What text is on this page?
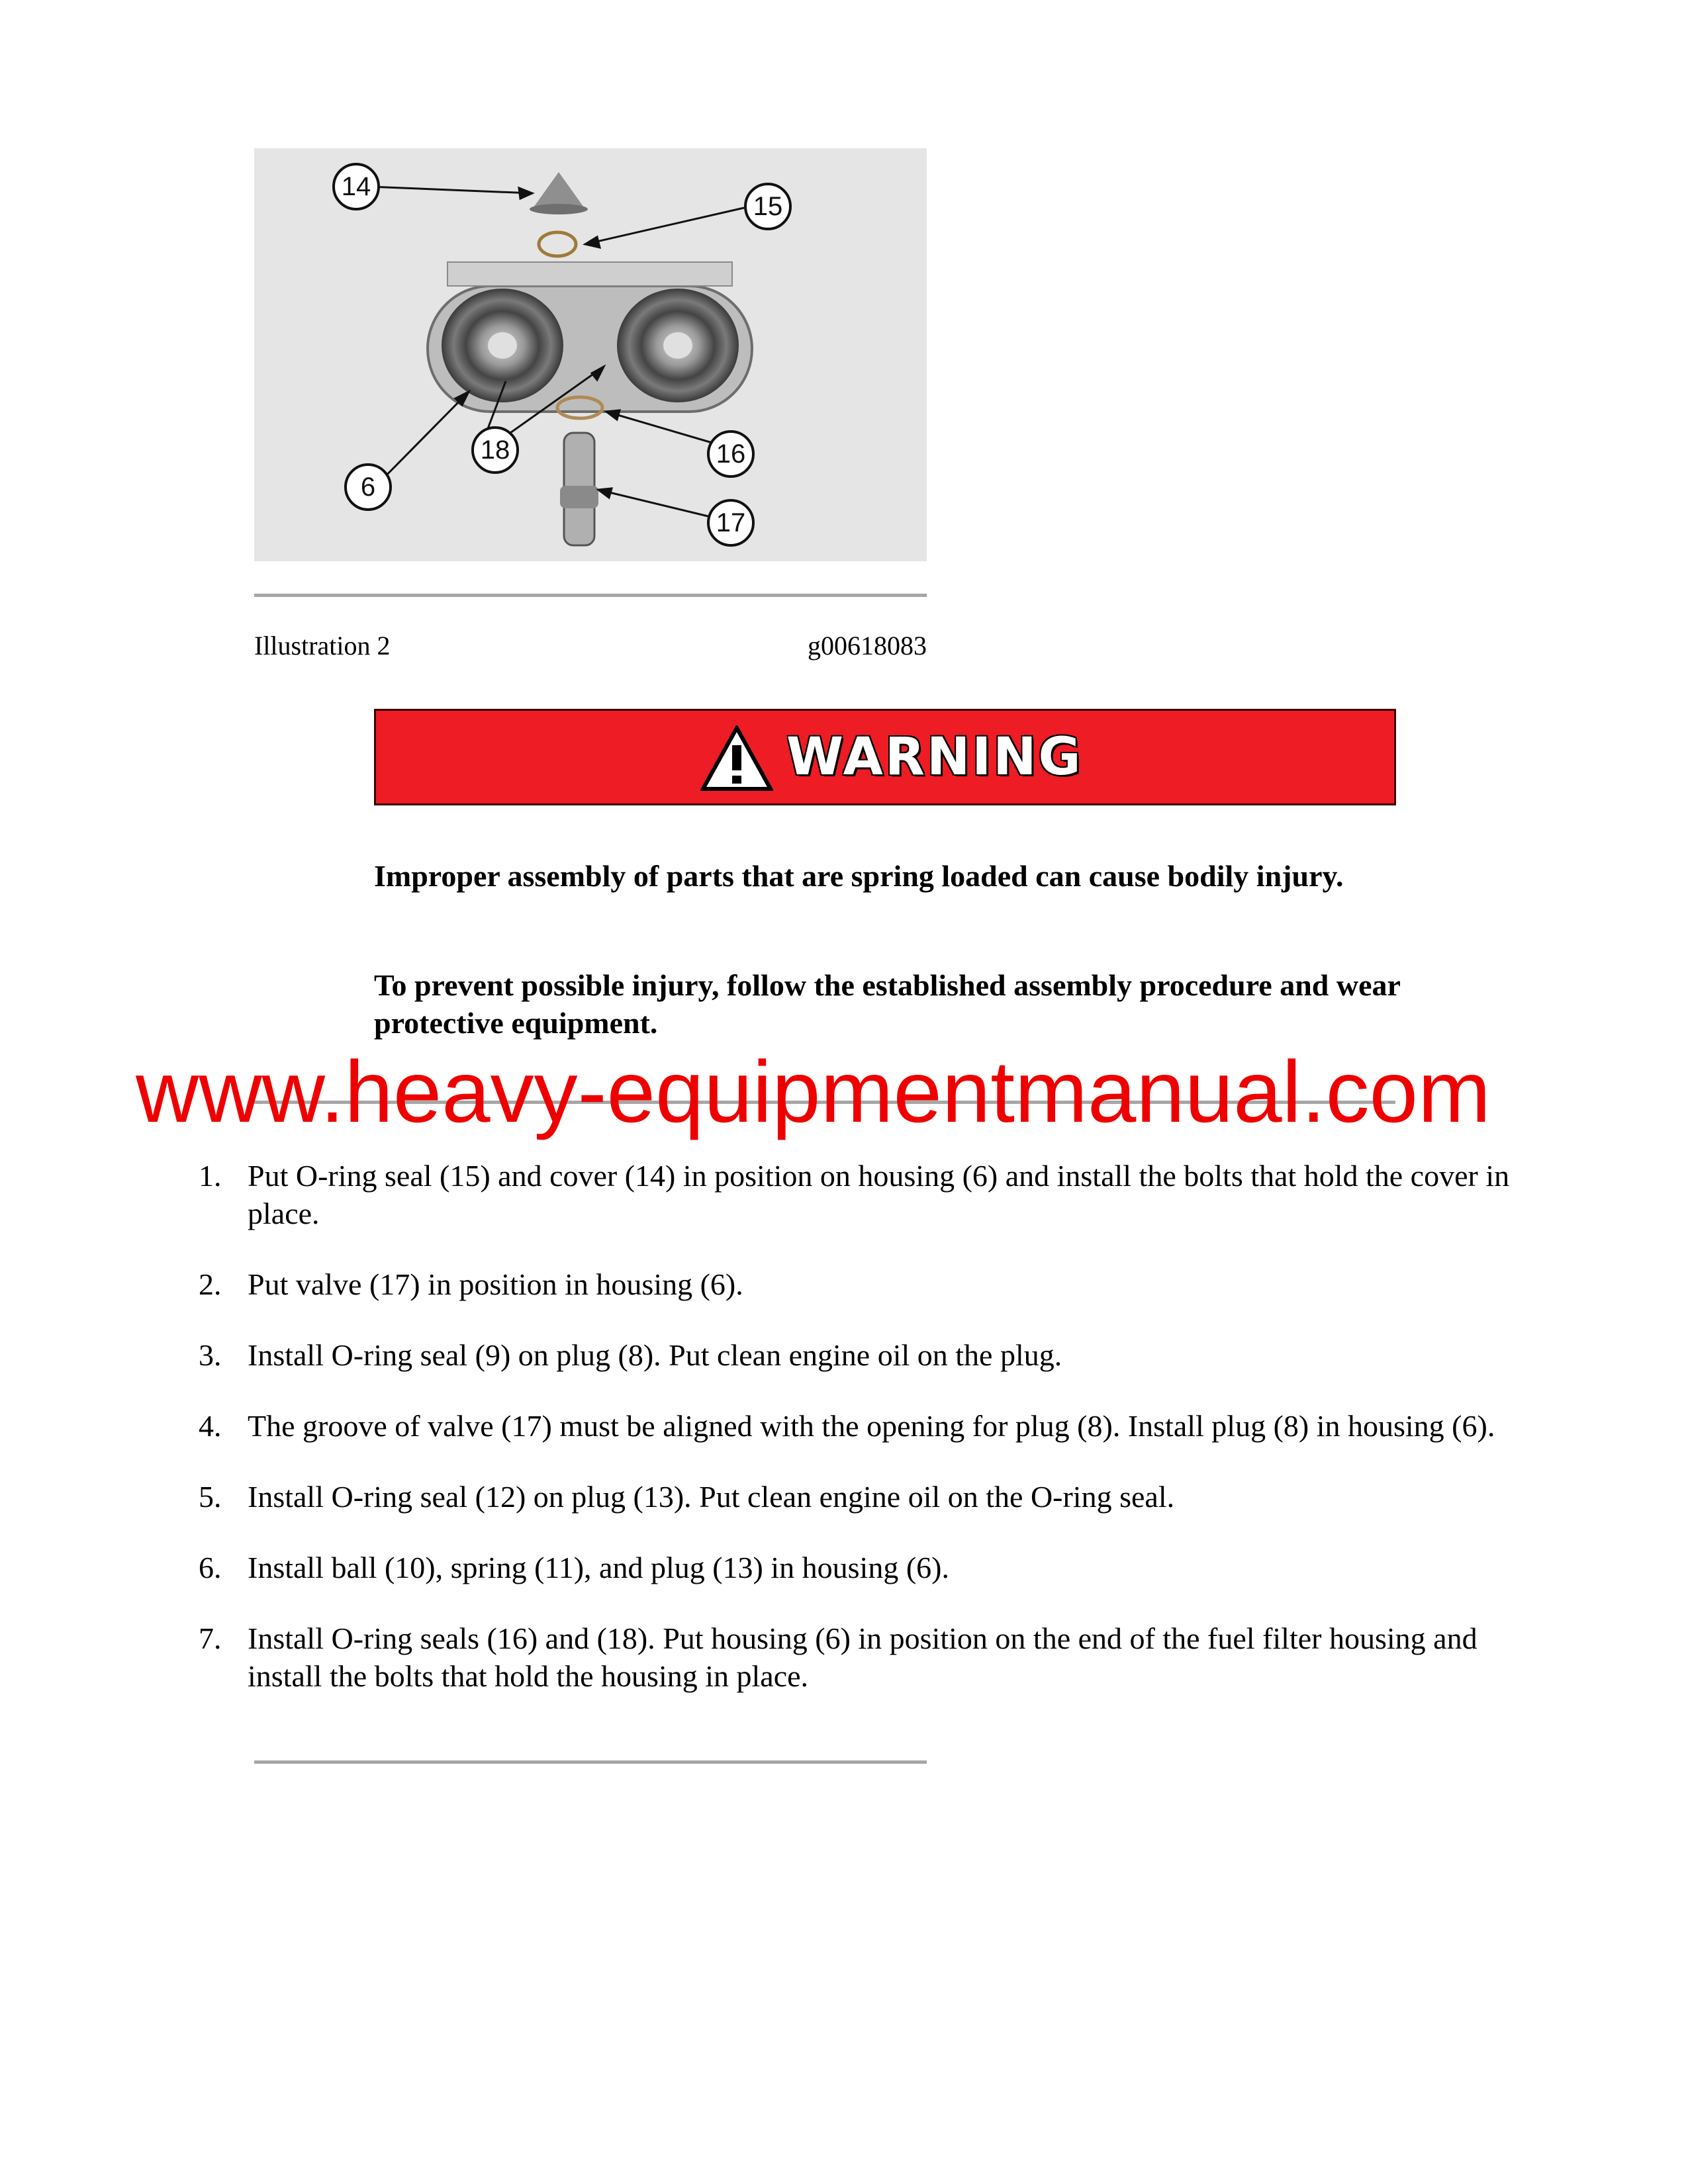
14
15
6
18	16
17
Illustration 2	g00618083
WARNING
Improper assembly of parts that are spring loaded can cause bodily injury.
To prevent possible injury, follow the established assembly procedure and wear protective equipment.
www.heavy-equipmentmanual.com
1. Put O-ring seal (15) and cover (14) in position on housing (6) and install the bolts that hold the cover in place.
2. Put valve (17) in position in housing (6).
3. Install O-ring seal (9) on plug (8). Put clean engine oil on the plug.
4. The groove of valve (17) must be aligned with the opening for plug (8). Install plug (8) in housing (6).
5. Install O-ring seal (12) on plug (13). Put clean engine oil on the O-ring seal.
6. Install ball (10), spring (11), and plug (13) in housing (6).
7. Install O-ring seals (16) and (18). Put housing (6) in position on the end of the fuel filter housing and install the bolts that hold the housing in place.
